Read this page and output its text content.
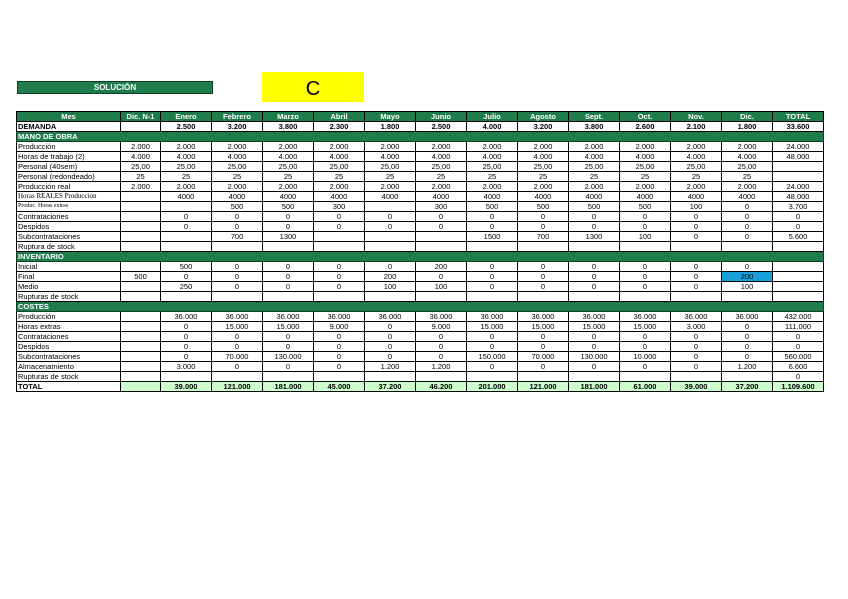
SOLUCIÓN	C
Mes	Dic. N-1	Enero	Febrero	Marzo	Abril	Mayo	Junio	Julio	Agosto	Sept.	Oct.	Nov.	Dic.	TOTAL
DEMANDA		2.500	3.200	3.800	2.300	1.800	2.500	4.000	3.200	3.800	2.600	2.100	1.800	33.600
MANO DE OBRA														
Producción	2.000	2.000	2.000	2.000	2.000	2.000	2.000	2.000	2.000	2.000	2.000	2.000	2.000	24.000
Horas de trabajo (2)	4.000	4.000	4.000	4.000	4.000	4.000	4.000	4.000	4.000	4.000	4.000	4.000	4.000	48.000
Personal (40sem)	25,00	25,00	25,00	25,00	25,00	25,00	25,00	25,00	25,00	25,00	25,00	25,00	25,00	
Personal (redondeado)	25	25	25	25	25	25	25	25	25	25	25	25	25	
Producción real	2.000	2.000	2.000	2.000	2.000	2.000	2.000	2.000	2.000	2.000	2.000	2.000	2.000	24.000
Horas REALES Produccion		4000	4000	4000	4000	4000	4000	4000	4000	4000	4000	4000	4000	48.000
Produc. Horas extras			500	500	300		300	500	500	500	500	100	0	3.700
Contrataciones		0	0	0	0	0	0	0	0	0	0	0	0	0
Despidos		0	0	0	0	0	0	0	0	0	0	0	0	0
Subcontrataciones			700	1300				1500	700	1300	100	0	0	5.600
Ruptura de stock														
INVENTARIO														
Inicial		500	0	0	0	0	200	0	0	0	0	0	0	
Final	500	0	0	0	0	200	0	0	0	0	0	0	200	
Medio		250	0	0	0	100	100	0	0	0	0	0	100	
Rupturas de stock														
COSTES														
Producción		36.000	36.000	36.000	36.000	36.000	36.000	36.000	36.000	36.000	36.000	36.000	36.000	432.000
Horas extras		0	15.000	15.000	9.000	0	9.000	15.000	15.000	15.000	15.000	3.000	0	111.000
Contrataciones		0	0	0	0	0	0	0	0	0	0	0	0	0
Despidos		0	0	0	0	0	0	0	0	0	0	0	0	0
Subcontrataciones		0	70.000	130.000	0	0	0	150.000	70.000	130.000	10.000	0	0	560.000
Almacenamiento		3.000	0	0	0	1.200	1.200	0	0	0	0	0	1.200	6.600
Rupturas de stock														0
TOTAL		39.000	121.000	181.000	45.000	37.200	46.200	201.000	121.000	181.000	61.000	39.000	37.200	1.109.600
